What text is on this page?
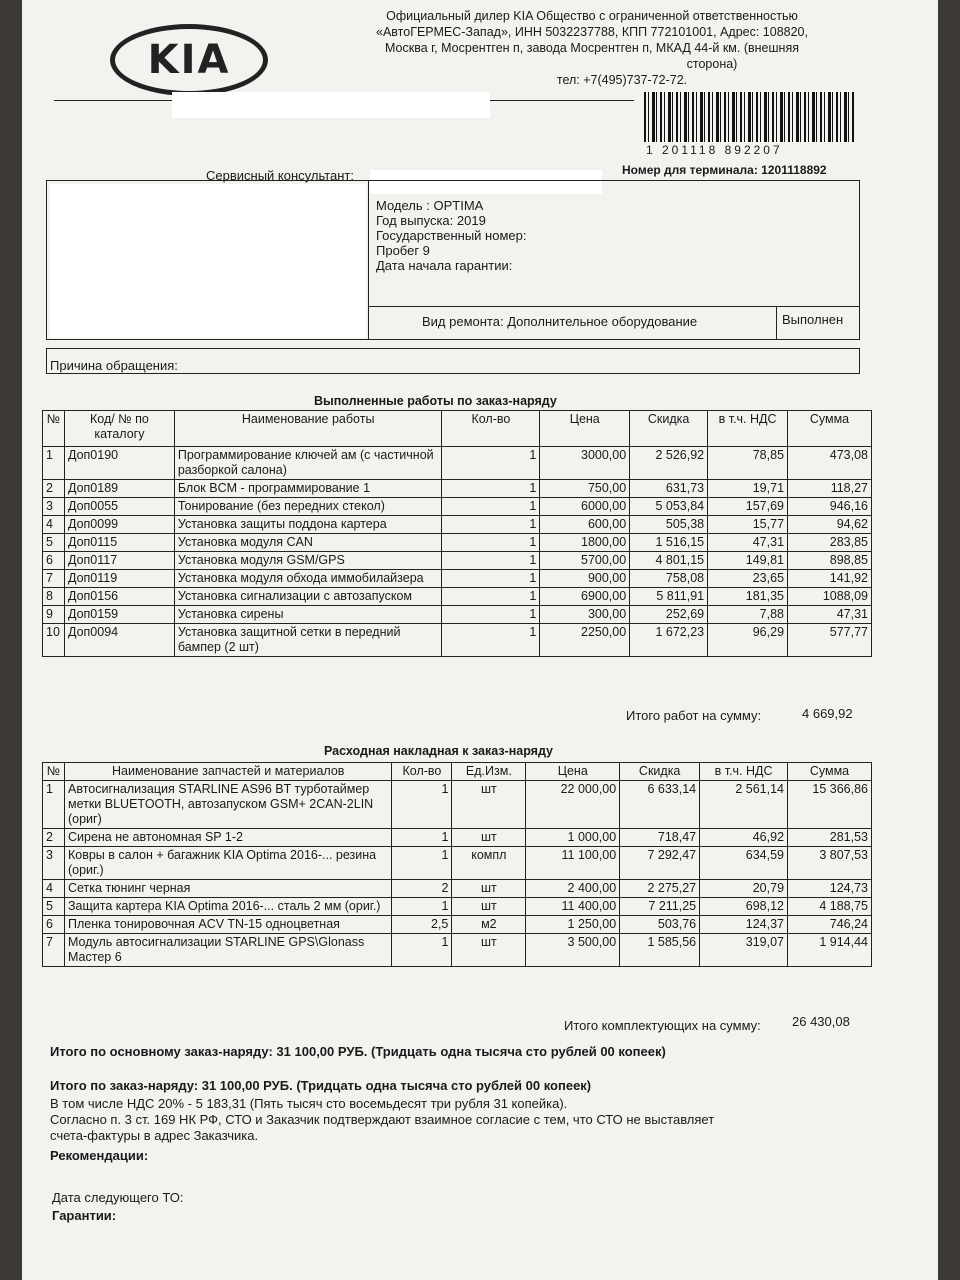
KIA
Официальный дилер KIA Общество с ограниченной ответственностью
«АвтоГЕРМЕС-Запад», ИНН 5032237788, КПП 772101001, Адрес: 108820,
Москва г, Мосрентген п, завода Мосрентген п, МКАД 44-й км. (внешняя
сторона)
тел: +7(495)737-72-72.
1 201118 892207
Сервисный консультант:	Номер для терминала: 1201118892
Модель : OPTIMA
Год выпуска: 2019
Государственный номер:
Пробег 9
Дата начала гарантии:
Вид ремонта: Дополнительное оборудование	Выполнен
Причина обращения:
Выполненные работы по заказ-наряду
№	Код/ № по каталогу	Наименование работы	Кол-во	Цена	Скидка	в т.ч. НДС	Сумма
1	Доп0190	Программирование ключей ам (с частичной разборкой салона)	1	3000,00	2 526,92	78,85	473,08
2	Доп0189	Блок BCM - программирование 1	1	750,00	631,73	19,71	118,27
3	Доп0055	Тонирование (без передних стекол)	1	6000,00	5 053,84	157,69	946,16
4	Доп0099	Установка защиты поддона картера	1	600,00	505,38	15,77	94,62
5	Доп0115	Установка модуля CAN	1	1800,00	1 516,15	47,31	283,85
6	Доп0117	Установка модуля GSM/GPS	1	5700,00	4 801,15	149,81	898,85
7	Доп0119	Установка модуля обхода иммобилайзера	1	900,00	758,08	23,65	141,92
8	Доп0156	Установка сигнализации с автозапуском	1	6900,00	5 811,91	181,35	1088,09
9	Доп0159	Установка сирены	1	300,00	252,69	7,88	47,31
10	Доп0094	Установка защитной сетки в передний бампер (2 шт)	1	2250,00	1 672,23	96,29	577,77
Итого работ на сумму:	4 669,92
Расходная накладная к заказ-наряду
№	Наименование запчастей и материалов	Кол-во	Ед.Изм.	Цена	Скидка	в т.ч. НДС	Сумма
1	Автосигнализация STARLINE AS96 BT турботаймер метки BLUETOOTH, автозапуском GSM+ 2CAN-2LIN (ориг)	1	шт	22 000,00	6 633,14	2 561,14	15 366,86
2	Сирена не автономная SP 1-2	1	шт	1 000,00	718,47	46,92	281,53
3	Ковры в салон + багажник KIA Optima 2016-... резина (ориг.)	1	компл	11 100,00	7 292,47	634,59	3 807,53
4	Сетка тюнинг черная	2	шт	2 400,00	2 275,27	20,79	124,73
5	Защита картера KIA Optima 2016-... сталь 2 мм (ориг.)	1	шт	11 400,00	7 211,25	698,12	4 188,75
6	Пленка тонировочная ACV TN-15 одноцветная	2,5	м2	1 250,00	503,76	124,37	746,24
7	Модуль автосигнализации STARLINE GPS\Glonass Мастер 6	1	шт	3 500,00	1 585,56	319,07	1 914,44
Итого комплектующих на сумму: 26 430,08
Итого по основному заказ-наряду: 31 100,00 РУБ. (Тридцать одна тысяча сто рублей 00 копеек)
Итого по заказ-наряду: 31 100,00 РУБ. (Тридцать одна тысяча сто рублей 00 копеек)
В том числе НДС 20% - 5 183,31 (Пять тысяч сто восемьдесят три рубля 31 копейка).
Согласно п. 3 ст. 169 НК РФ, СТО и Заказчик подтверждают взаимное согласие с тем, что СТО не выставляет
счета-фактуры в адрес Заказчика.
Рекомендации:
Дата следующего ТО:
Гарантии:
